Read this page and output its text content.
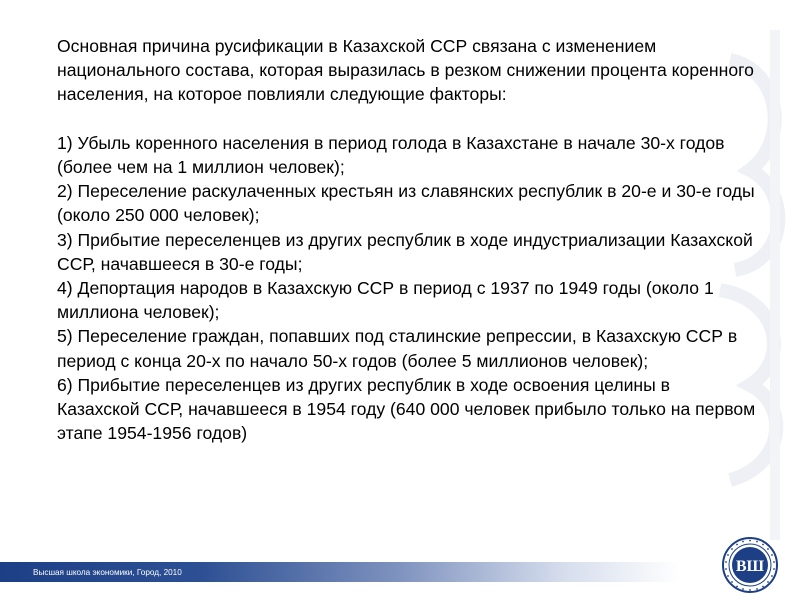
Основная причина русификации в Казахской ССР связана с изменением национального состава, которая выразилась в резком снижении процента коренного населения, на которое повлияли следующие факторы:

1) Убыль коренного населения в период голода в Казахстане в начале 30-х годов (более чем на 1 миллион человек);

2) Переселение раскулаченных крестьян из славянских республик в 20-е и 30-е годы (около 250 000 человек);

3) Прибытие переселенцев из других республик в ходе индустриализации Казахской ССР, начавшееся в 30-е годы;

4) Депортация народов в Казахскую ССР в период с 1937 по 1949 годы (около 1 миллиона человек);

5) Переселение граждан, попавших под сталинские репрессии, в Казахскую ССР в период с конца 20-х по начало 50-х годов (более 5 миллионов человек);

6) Прибытие переселенцев из других республик в ходе освоения целины в Казахской ССР, начавшееся в 1954 году (640 000 человек прибыло только на первом этапе 1954-1956 годов)

Высшая школа экономики, Город, 2010	ВШ
